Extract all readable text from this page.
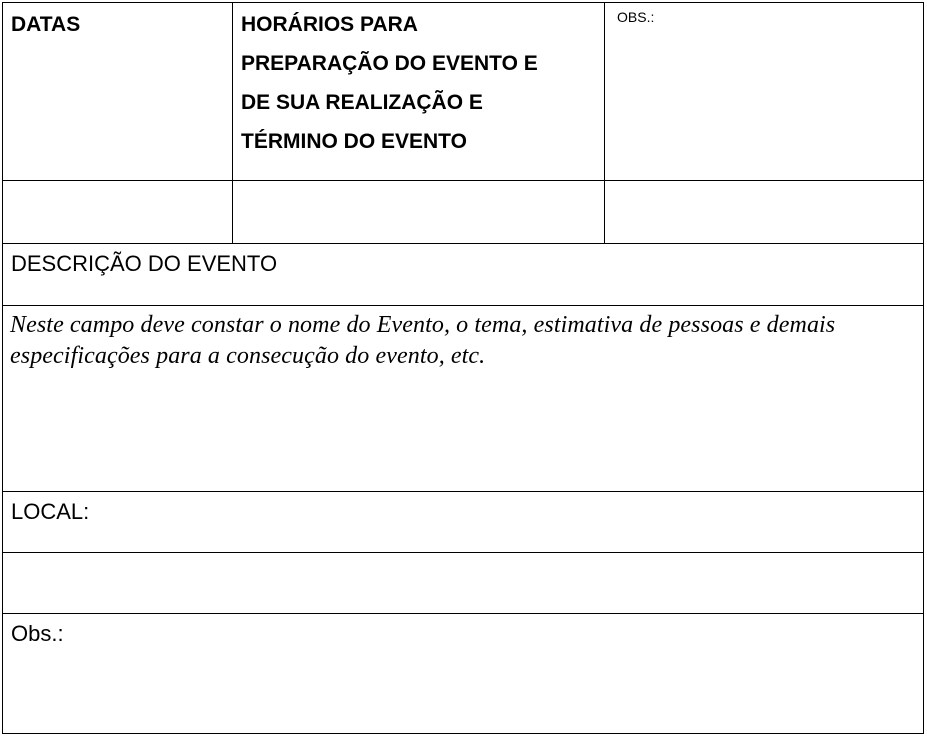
DATAS	HORÁRIOS PARA
PREPARAÇÃO DO EVENTO E
DE SUA REALIZAÇÃO E
TÉRMINO DO EVENTO
OBS.:
DESCRIÇÃO DO EVENTO
Neste campo deve constar o nome do Evento, o tema, estimativa de pessoas e demais especificações para a consecução do evento, etc.
LOCAL:
Obs.:
